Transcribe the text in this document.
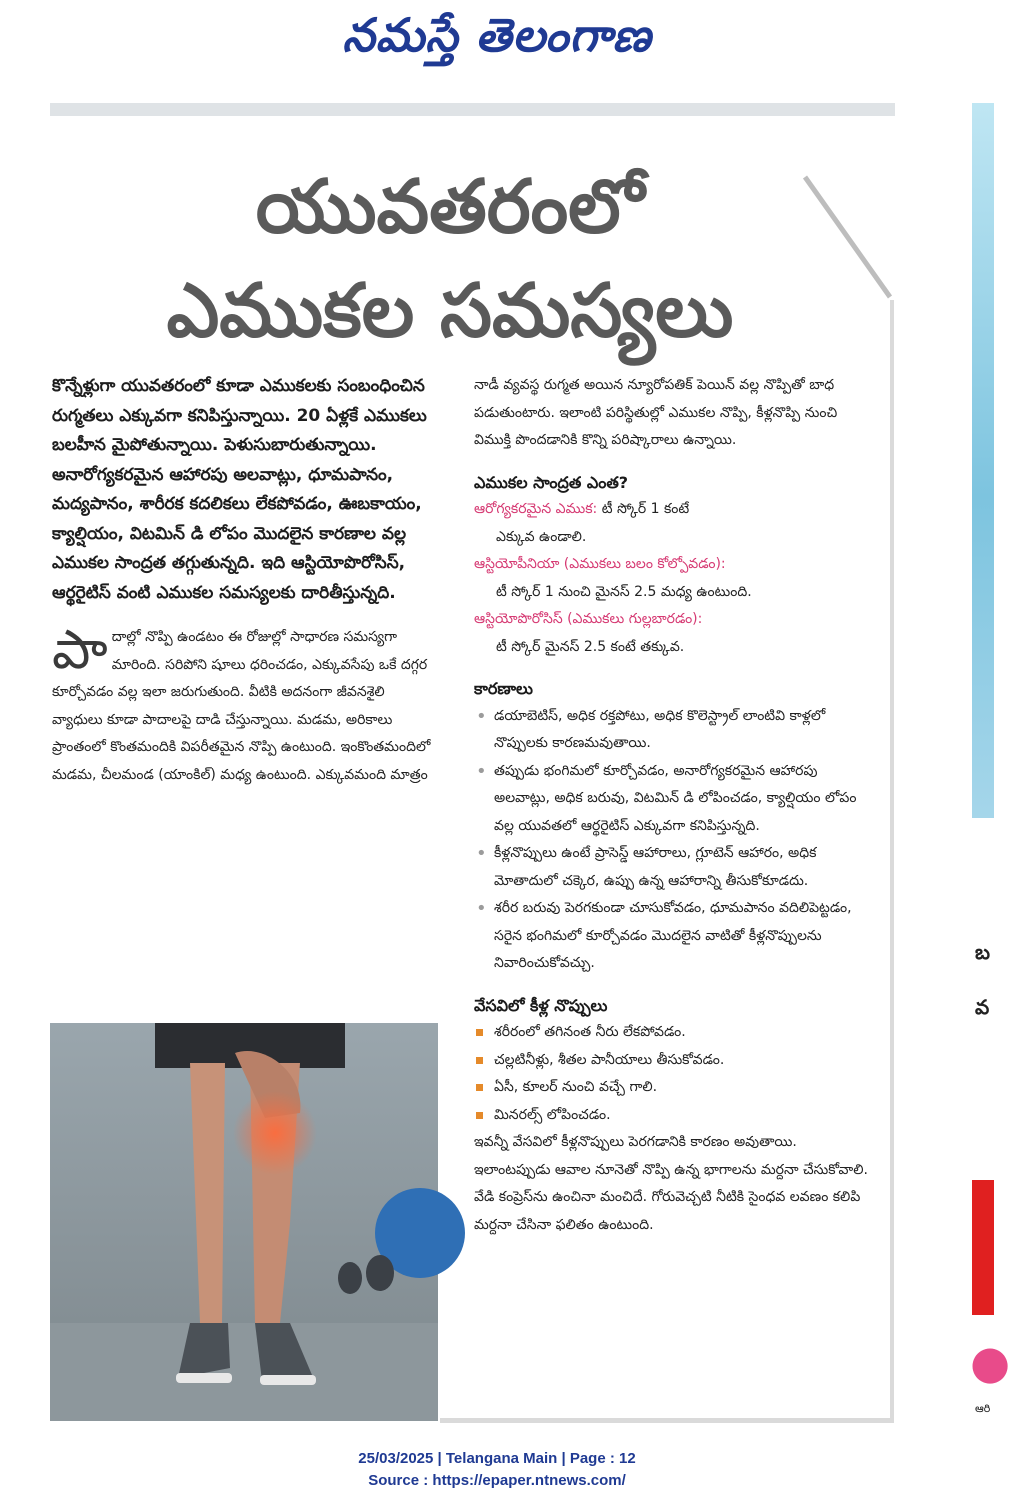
నమస్తే తెలంగాణ
యువతరంలో
ఎముకల సమస్యలు

కొన్నేళ్లుగా యువతరంలో కూడా ఎముకలకు సంబంధించిన రుగ్మతలు ఎక్కువగా కనిపిస్తున్నాయి. 20 ఏళ్లకే ఎముకలు బలహీన మైపోతున్నాయి. పెళుసుబారుతున్నాయి. అనారోగ్యకరమైన ఆహారపు అలవాట్లు, ధూమపానం, మద్యపానం, శారీరక కదలికలు లేకపోవడం, ఊబకాయం, క్యాల్షియం, విటమిన్ డి లోపం మొదలైన కారణాల వల్ల ఎముకల సాంద్రత తగ్గుతున్నది. ఇది ఆస్టియోపొరోసిస్, ఆర్థరైటిస్ వంటి ఎముకల సమస్యలకు దారితీస్తున్నది.

పాదాల్లో నొప్పి ఉండటం ఈ రోజుల్లో సాధారణ సమస్యగా మారింది. సరిపోని షూలు ధరించడం, ఎక్కువసేపు ఒకే దగ్గర కూర్చోవడం వల్ల ఇలా జరుగుతుంది. వీటికి అదనంగా జీవనశైలి వ్యాధులు కూడా పాదాలపై దాడి చేస్తున్నాయి. మడమ, అరికాలు ప్రాంతంలో కొంతమందికి విపరీతమైన నొప్పి ఉంటుంది. ఇంకొంతమందిలో మడమ, చీలమండ (యాంకిల్) మధ్య ఉంటుంది. ఎక్కువమంది మాత్రం

నాడీ వ్యవస్థ రుగ్మత అయిన న్యూరోపతిక్ పెయిన్ వల్ల నొప్పితో బాధ పడుతుంటారు. ఇలాంటి పరిస్థితుల్లో ఎముకల నొప్పి, కీళ్లనొప్పి నుంచి విముక్తి పొందడానికి కొన్ని పరిష్కారాలు ఉన్నాయి.

ఎముకల సాంద్రత ఎంత?

ఆరోగ్యకరమైన ఎముక: టీ స్కోర్ 1 కంటే
ఎక్కువ ఉండాలి.
ఆస్టియోపీనియా (ఎముకలు బలం కోల్పోవడం):
టీ స్కోర్ 1 నుంచి మైనస్ 2.5 మధ్య ఉంటుంది.
ఆస్టియోపొరోసిస్ (ఎముకలు గుల్లబారడం):
టీ స్కోర్ మైనస్ 2.5 కంటే తక్కువ.

కారణాలు

• డయాబెటిస్, అధిక రక్తపోటు, అధిక కొలెస్ట్రాల్ లాంటివి కాళ్లలో నొప్పులకు కారణమవుతాయి.
• తప్పుడు భంగిమలో కూర్చోవడం, అనారోగ్యకరమైన ఆహారపు అలవాట్లు, అధిక బరువు, విటమిన్ డి లోపించడం, క్యాల్షియం లోపం వల్ల యువతలో ఆర్థరైటిస్ ఎక్కువగా కనిపిస్తున్నది.
• కీళ్లనొప్పులు ఉంటే ప్రాసెస్డ్ ఆహారాలు, గ్లూటెన్ ఆహారం, అధిక మోతాదులో చక్కెర, ఉప్పు ఉన్న ఆహారాన్ని తీసుకోకూడదు.
• శరీర బరువు పెరగకుండా చూసుకోవడం, ధూమపానం వదిలిపెట్టడం, సరైన భంగిమలో కూర్చోవడం మొదలైన వాటితో కీళ్లనొప్పులను నివారించుకోవచ్చు.

వేసవిలో కీళ్ల నొప్పులు

శరీరంలో తగినంత నీరు లేకపోవడం.
చల్లటినీళ్లు, శీతల పానీయాలు తీసుకోవడం.
ఏసీ, కూలర్ నుంచి వచ్చే గాలి.
మినరల్స్ లోపించడం.

ఇవన్నీ వేసవిలో కీళ్లనొప్పులు పెరగడానికి కారణం అవుతాయి. ఇలాంటప్పుడు ఆవాల నూనెతో నొప్పి ఉన్న భాగాలను మర్దనా చేసుకోవాలి. వేడి కంప్రెస్‌ను ఉంచినా మంచిదే. గోరువెచ్చటి నీటికి సైంధవ లవణం కలిపి మర్దనా చేసినా ఫలితం ఉంటుంది.

బ
వ
●
ఆరి
25/03/2025 | Telangana Main | Page : 12
Source : https://epaper.ntnews.com/
